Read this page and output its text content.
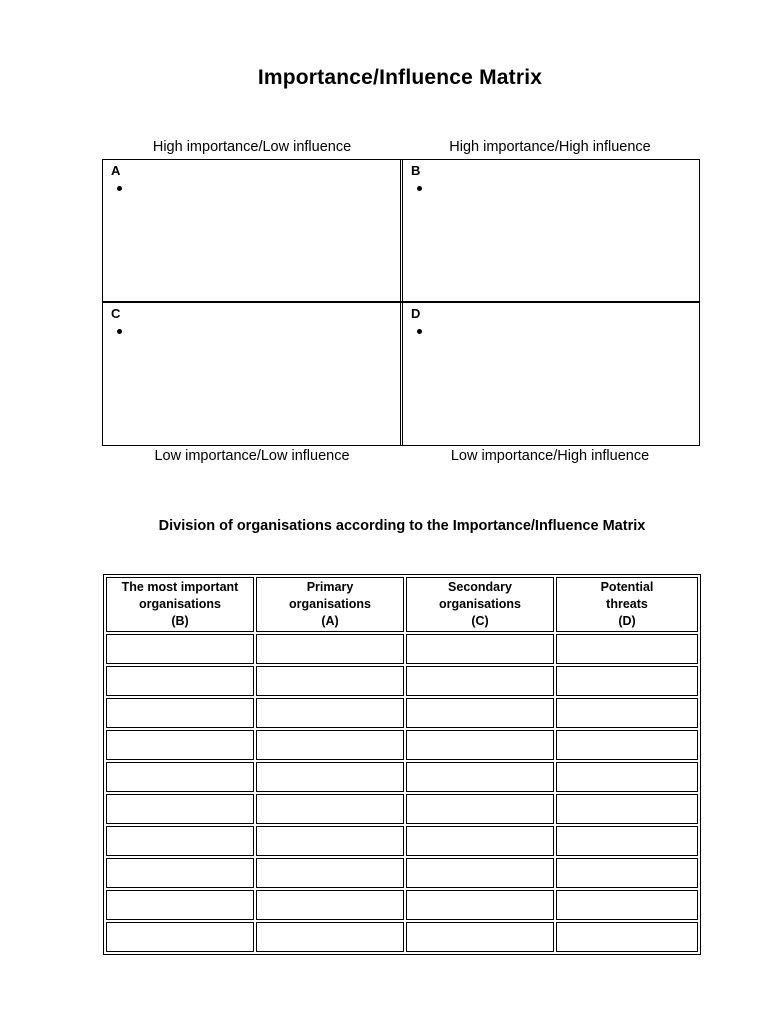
Importance/Influence Matrix
High importance/Low influence	High importance/High influence
A	B
C	D
Low importance/Low influence	Low importance/High influence
Division of organisations according to the Importance/Influence Matrix
The most important
organisations
(B)	Primary
organisations
(A)	Secondary
organisations
(C)	Potential
threats
(D)
